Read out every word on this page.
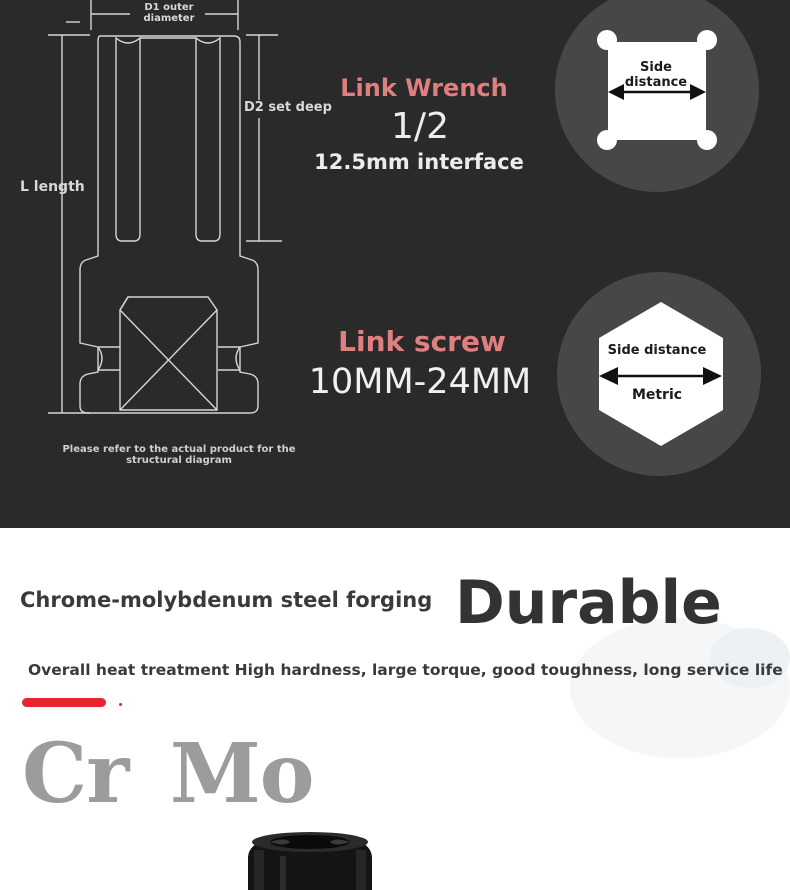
D1 outer diameter
D2 set deep
L length
Please refer to the actual product for the structural diagram
Link Wrench
1/2
12.5mm interface
Link screw
10MM-24MM
Side distance
Side distance
Metric
Chrome-molybdenum steel forging Durable
Overall heat treatment High hardness, large torque, good toughness, long service life
Cr Mo
